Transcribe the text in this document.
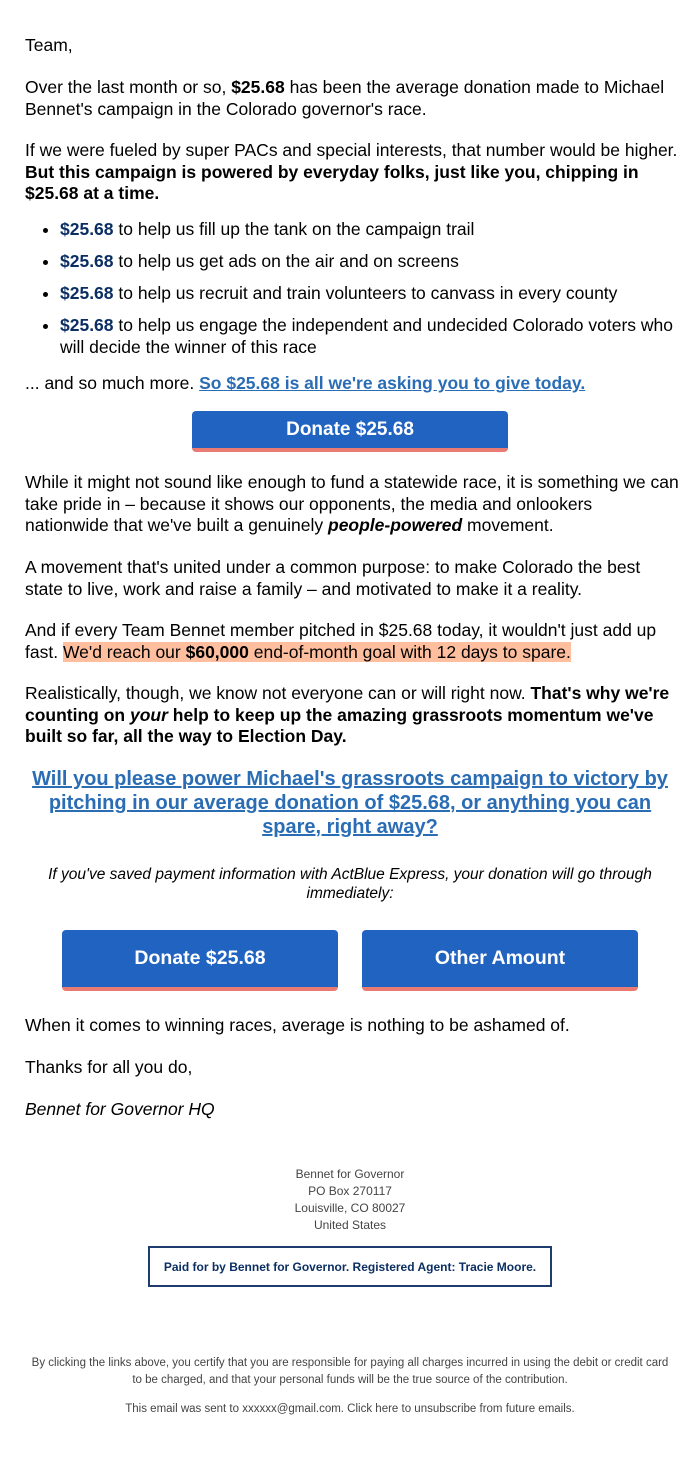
Team,

Over the last month or so, $25.68 has been the average donation made to Michael Bennet's campaign in the Colorado governor's race.

If we were fueled by super PACs and special interests, that number would be higher. But this campaign is powered by everyday folks, just like you, chipping in $25.68 at a time.

• $25.68 to help us fill up the tank on the campaign trail
• $25.68 to help us get ads on the air and on screens
• $25.68 to help us recruit and train volunteers to canvass in every county
• $25.68 to help us engage the independent and undecided Colorado voters who will decide the winner of this race

... and so much more. So $25.68 is all we're asking you to give today.

Donate $25.68

While it might not sound like enough to fund a statewide race, it is something we can take pride in – because it shows our opponents, the media and onlookers nationwide that we've built a genuinely people-powered movement.

A movement that's united under a common purpose: to make Colorado the best state to live, work and raise a family – and motivated to make it a reality.

And if every Team Bennet member pitched in $25.68 today, it wouldn't just add up fast. We'd reach our $60,000 end-of-month goal with 12 days to spare.

Realistically, though, we know not everyone can or will right now. That's why we're counting on your help to keep up the amazing grassroots momentum we've built so far, all the way to Election Day.

Will you please power Michael's grassroots campaign to victory by pitching in our average donation of $25.68, or anything you can spare, right away?
If you've saved payment information with ActBlue Express, your donation will go through immediately:
Donate $25.68	Other Amount

When it comes to winning races, average is nothing to be ashamed of.

Thanks for all you do,

Bennet for Governor HQ

Bennet for Governor
PO Box 270117
Louisville, CO 80027
United States
Paid for by Bennet for Governor. Registered Agent: Tracie Moore.
By clicking the links above, you certify that you are responsible for paying all charges incurred in using the debit or credit card to be charged, and that your personal funds will be the true source of the contribution.
This email was sent to xxxxxx@gmail.com. Click here to unsubscribe from future emails.
